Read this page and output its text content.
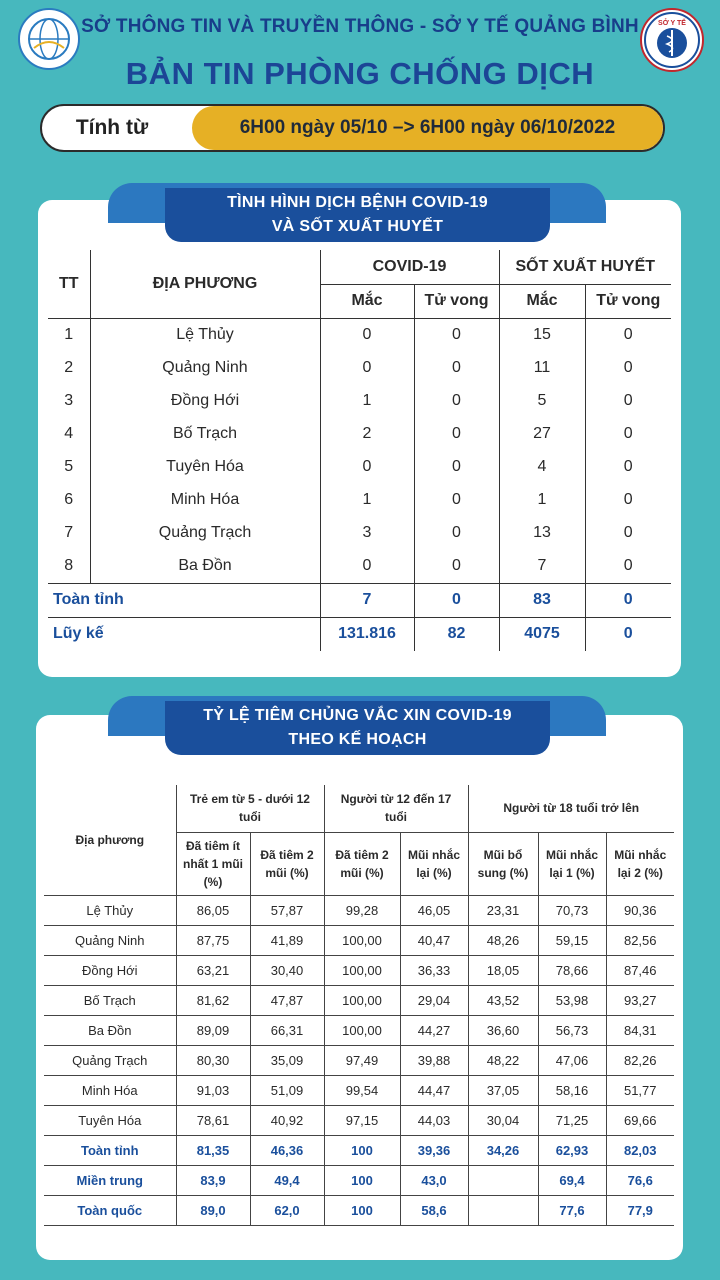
SỞ THÔNG TIN VÀ TRUYỀN THÔNG - SỞ Y TẾ QUẢNG BÌNH
BẢN TIN PHÒNG CHỐNG DỊCH
SỞ Y TẾ
Tính từ	6H00 ngày 05/10 –> 6H00 ngày 06/10/2022
TÌNH HÌNH DỊCH BỆNH COVID-19
VÀ SỐT XUẤT HUYẾT
TT	ĐỊA PHƯƠNG	COVID-19		SỐT XUẤT HUYẾT	
		Mắc	Tử vong	Mắc	Tử vong
1	Lệ Thủy	0	0	15	0
2	Quảng Ninh	0	0	11	0
3	Đồng Hới	1	0	5	0
4	Bố Trạch	2	0	27	0
5	Tuyên Hóa	0	0	4	0
6	Minh Hóa	1	0	1	0
7	Quảng Trạch	3	0	13	0
8	Ba Đồn	0	0	7	0
Toàn tỉnh		7	0	83	0
Lũy kế		131.816	82	4075	0
TỶ LỆ TIÊM CHỦNG VẮC XIN COVID-19
THEO KẾ HOẠCH
Địa phương	Trẻ em từ 5 - dưới 12 tuổi		Người từ 12 đến 17 tuổi		Người từ 18 tuổi trở lên		
	Đã tiêm ít nhất 1 mũi (%)	Đã tiêm 2 mũi (%)	Đã tiêm 2 mũi (%)	Mũi nhắc lại (%)	Mũi bổ sung (%)	Mũi nhắc lại 1 (%)	Mũi nhắc lại 2 (%)
Lệ Thủy	86,05	57,87	99,28	46,05	23,31	70,73	90,36
Quảng Ninh	87,75	41,89	100,00	40,47	48,26	59,15	82,56
Đồng Hới	63,21	30,40	100,00	36,33	18,05	78,66	87,46
Bố Trạch	81,62	47,87	100,00	29,04	43,52	53,98	93,27
Ba Đồn	89,09	66,31	100,00	44,27	36,60	56,73	84,31
Quảng Trạch	80,30	35,09	97,49	39,88	48,22	47,06	82,26
Minh Hóa	91,03	51,09	99,54	44,47	37,05	58,16	51,77
Tuyên Hóa	78,61	40,92	97,15	44,03	30,04	71,25	69,66
Toàn tỉnh	81,35	46,36	100	39,36	34,26	62,93	82,03
Miền trung	83,9	49,4	100	43,0		69,4	76,6
Toàn quốc	89,0	62,0	100	58,6		77,6	77,9
